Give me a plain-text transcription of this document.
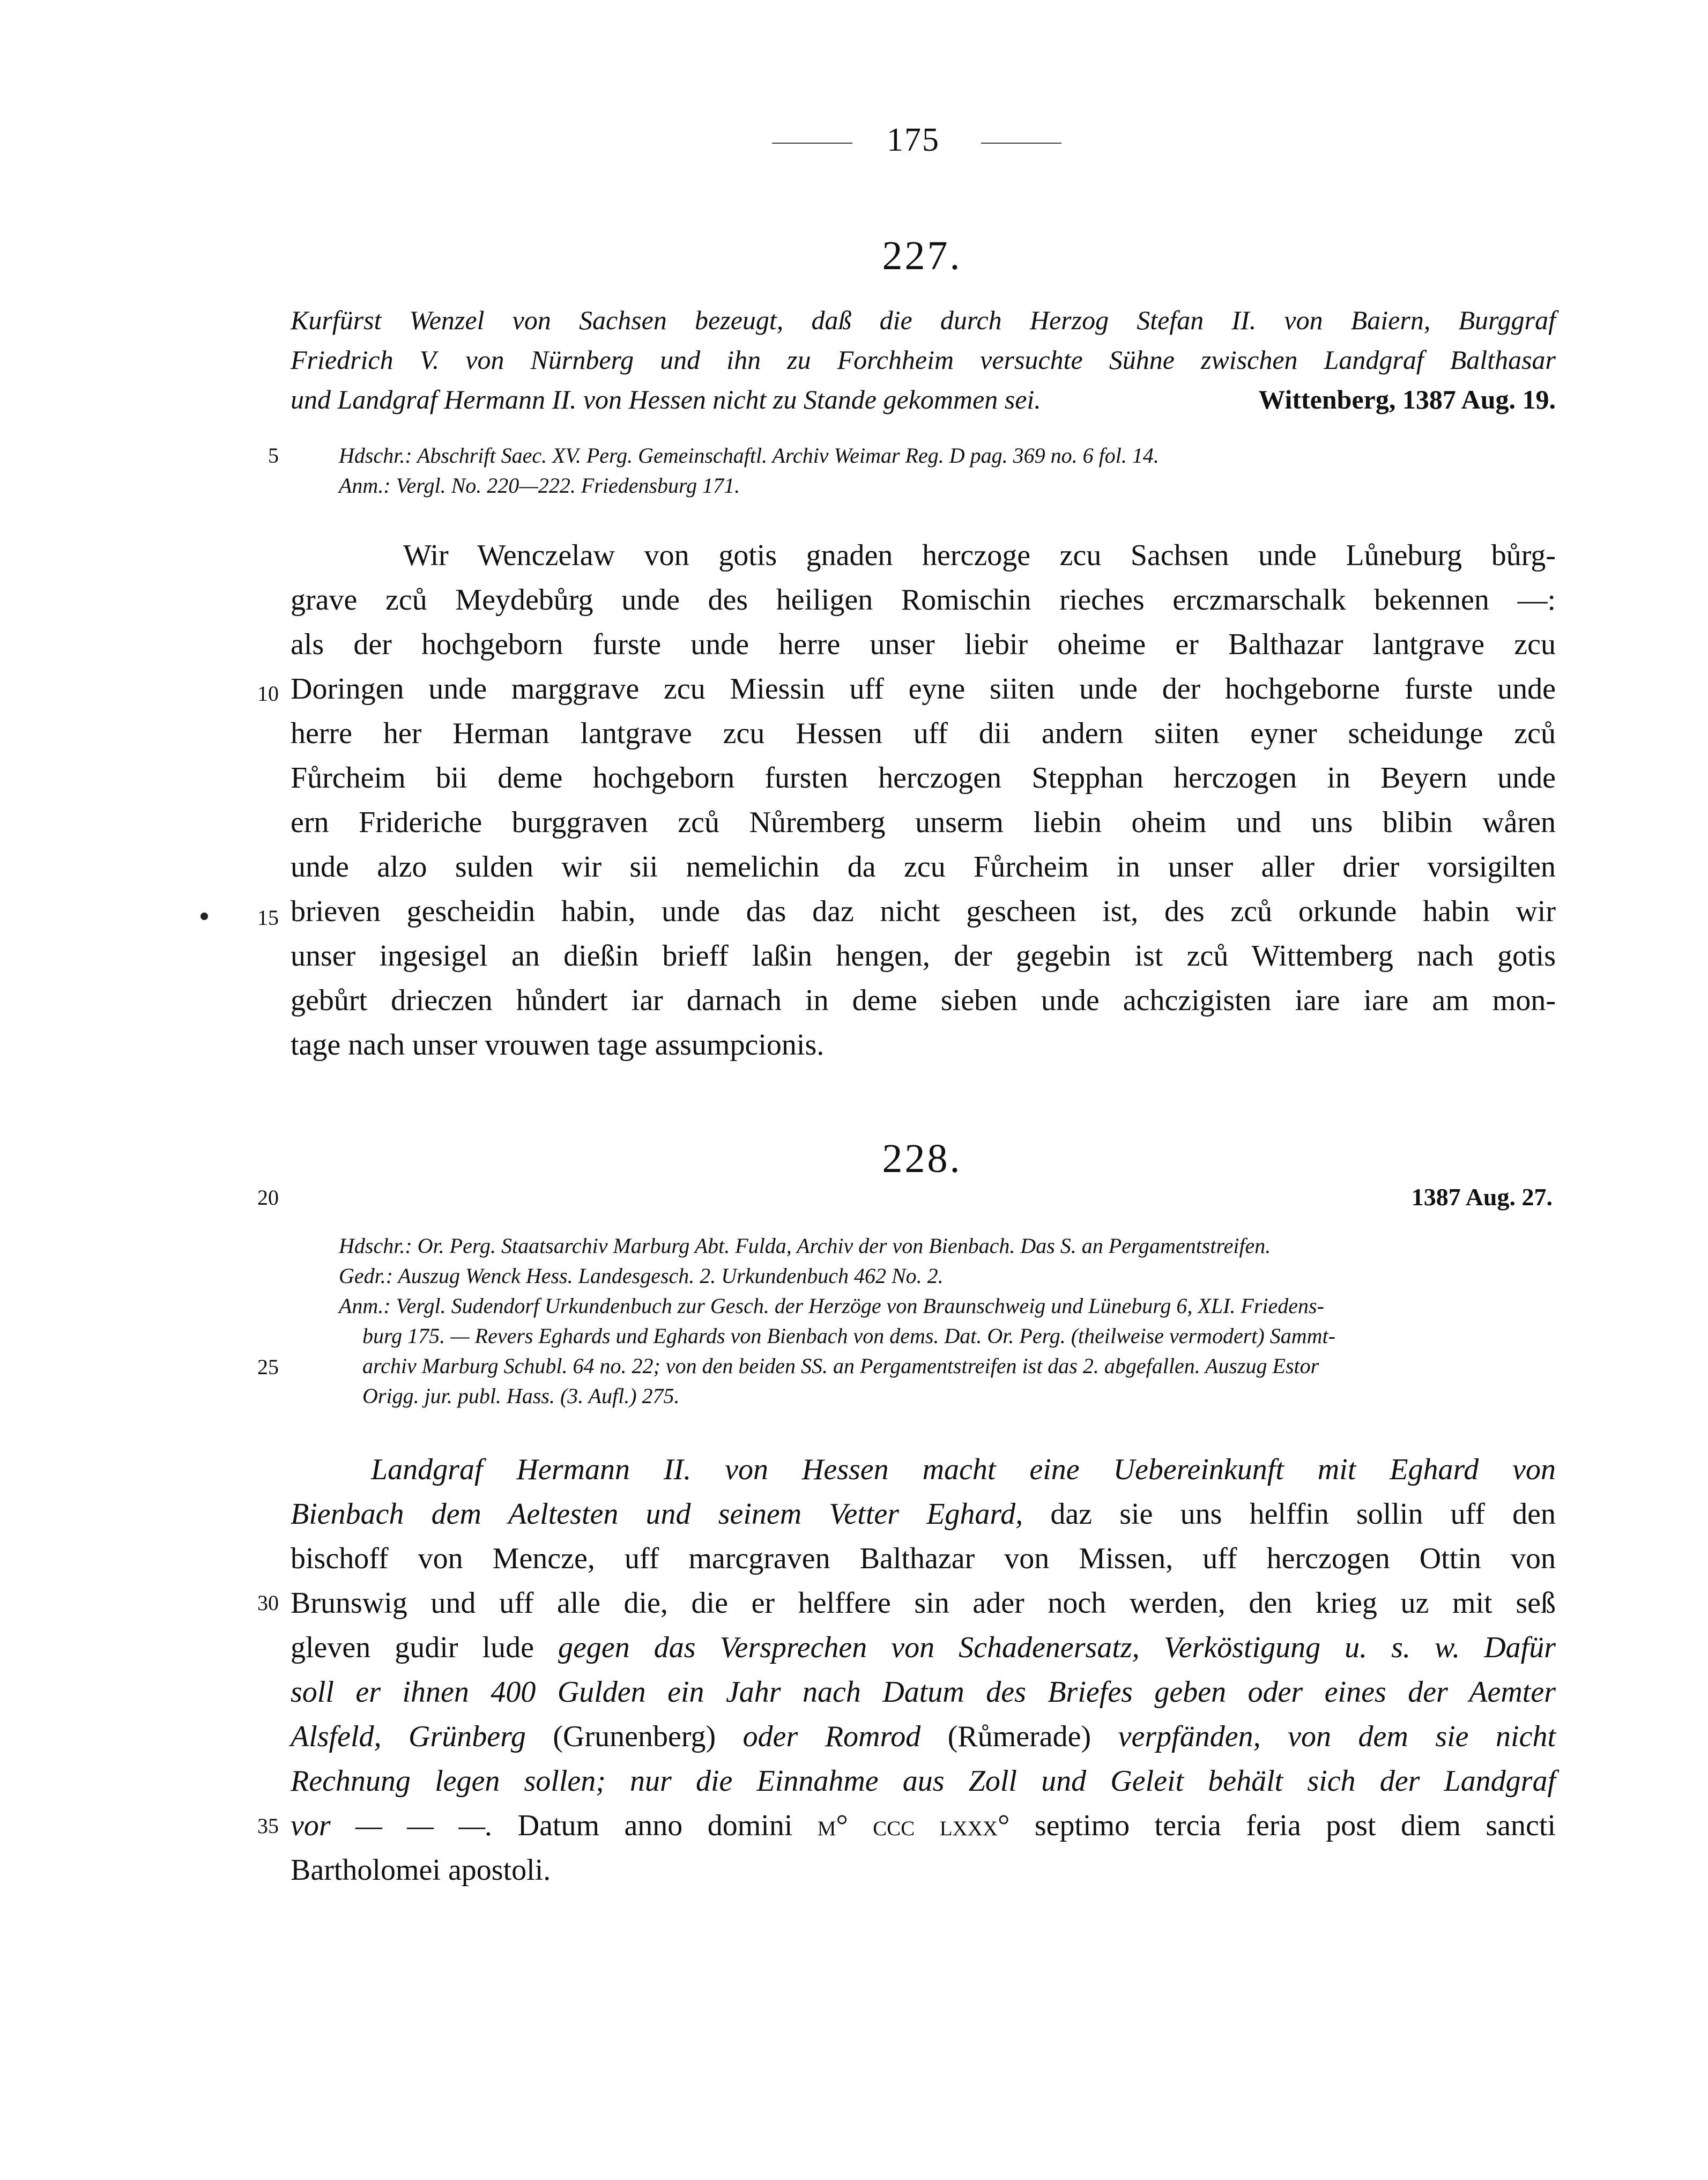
175
227.
Kurfürst Wenzel von Sachsen bezeugt, daß die durch Herzog Stefan II. von Baiern, Burggraf
Friedrich V. von Nürnberg und ihn zu Forchheim versuchte Sühne zwischen Landgraf Balthasar
und Landgraf Hermann II. von Hessen nicht zu Stande gekommen sei.	Wittenberg, 1387 Aug. 19.
5	Hdschr.: Abschrift Saec. XV. Perg. Gemeinschaftl. Archiv Weimar Reg. D pag. 369 no. 6 fol. 14.
Anm.: Vergl. No. 220—222. Friedensburg 171.
Wir Wenczelaw von gotis gnaden herczoge zcu Sachsen unde Lůneburg bůrg-
grave zců Meydebůrg unde des heiligen Romischin rieches erczmarschalk bekennen —:
als der hochgeborn furste unde herre unser liebir oheime er Balthazar lantgrave zcu
Doringen unde marggrave zcu Miessin uff eyne siiten unde der hochgeborne furste unde
herre her Herman lantgrave zcu Hessen uff dii andern siiten eyner scheidunge zců
Fůrcheim bii deme hochgeborn fursten herczogen Stepphan herczogen in Beyern unde
ern Frideriche burggraven zců Nůremberg unserm liebin oheim und uns blibin wåren
unde alzo sulden wir sii nemelichin da zcu Fůrcheim in unser aller drier vorsigilten
brieven gescheidin habin, unde das daz nicht gescheen ist, des zců orkunde habin wir
unser ingesigel an dießin brieff laßin hengen, der gegebin ist zců Wittemberg nach gotis
gebůrt drieczen hůndert iar darnach in deme sieben unde achczigisten iare iare am mon-
tage nach unser vrouwen tage assumpcionis.
10
15
228.
20	1387 Aug. 27.
Hdschr.: Or. Perg. Staatsarchiv Marburg Abt. Fulda, Archiv der von Bienbach. Das S. an Pergamentstreifen.
Gedr.: Auszug Wenck Hess. Landesgesch. 2. Urkundenbuch 462 No. 2.
Anm.: Vergl. Sudendorf Urkundenbuch zur Gesch. der Herzöge von Braunschweig und Lüneburg 6, XLI. Friedens-
burg 175. — Revers Eghards und Eghards von Bienbach von dems. Dat. Or. Perg. (theilweise vermodert) Sammt-
archiv Marburg Schubl. 64 no. 22; von den beiden SS. an Pergamentstreifen ist das 2. abgefallen. Auszug Estor
Origg. jur. publ. Hass. (3. Aufl.) 275.
25
Landgraf Hermann II. von Hessen macht eine Uebereinkunft mit Eghard von
Bienbach dem Aeltesten und seinem Vetter Eghard, daz sie uns helffin sollin uff den
bischoff von Mencze, uff marcgraven Balthazar von Missen, uff herczogen Ottin von
Brunswig und uff alle die, die er helffere sin ader noch werden, den krieg uz mit seß
gleven gudir lude gegen das Versprechen von Schadenersatz, Verköstigung u. s. w. Dafür
soll er ihnen 400 Gulden ein Jahr nach Datum des Briefes geben oder eines der Aemter
Alsfeld, Grünberg (Grunenberg) oder Romrod (Růmerade) verpfänden, von dem sie nicht
Rechnung legen sollen; nur die Einnahme aus Zoll und Geleit behält sich der Landgraf
vor — — —. Datum anno domini m° ccc lxxx° septimo tercia feria post diem sancti
Bartholomei apostoli.
30
35
